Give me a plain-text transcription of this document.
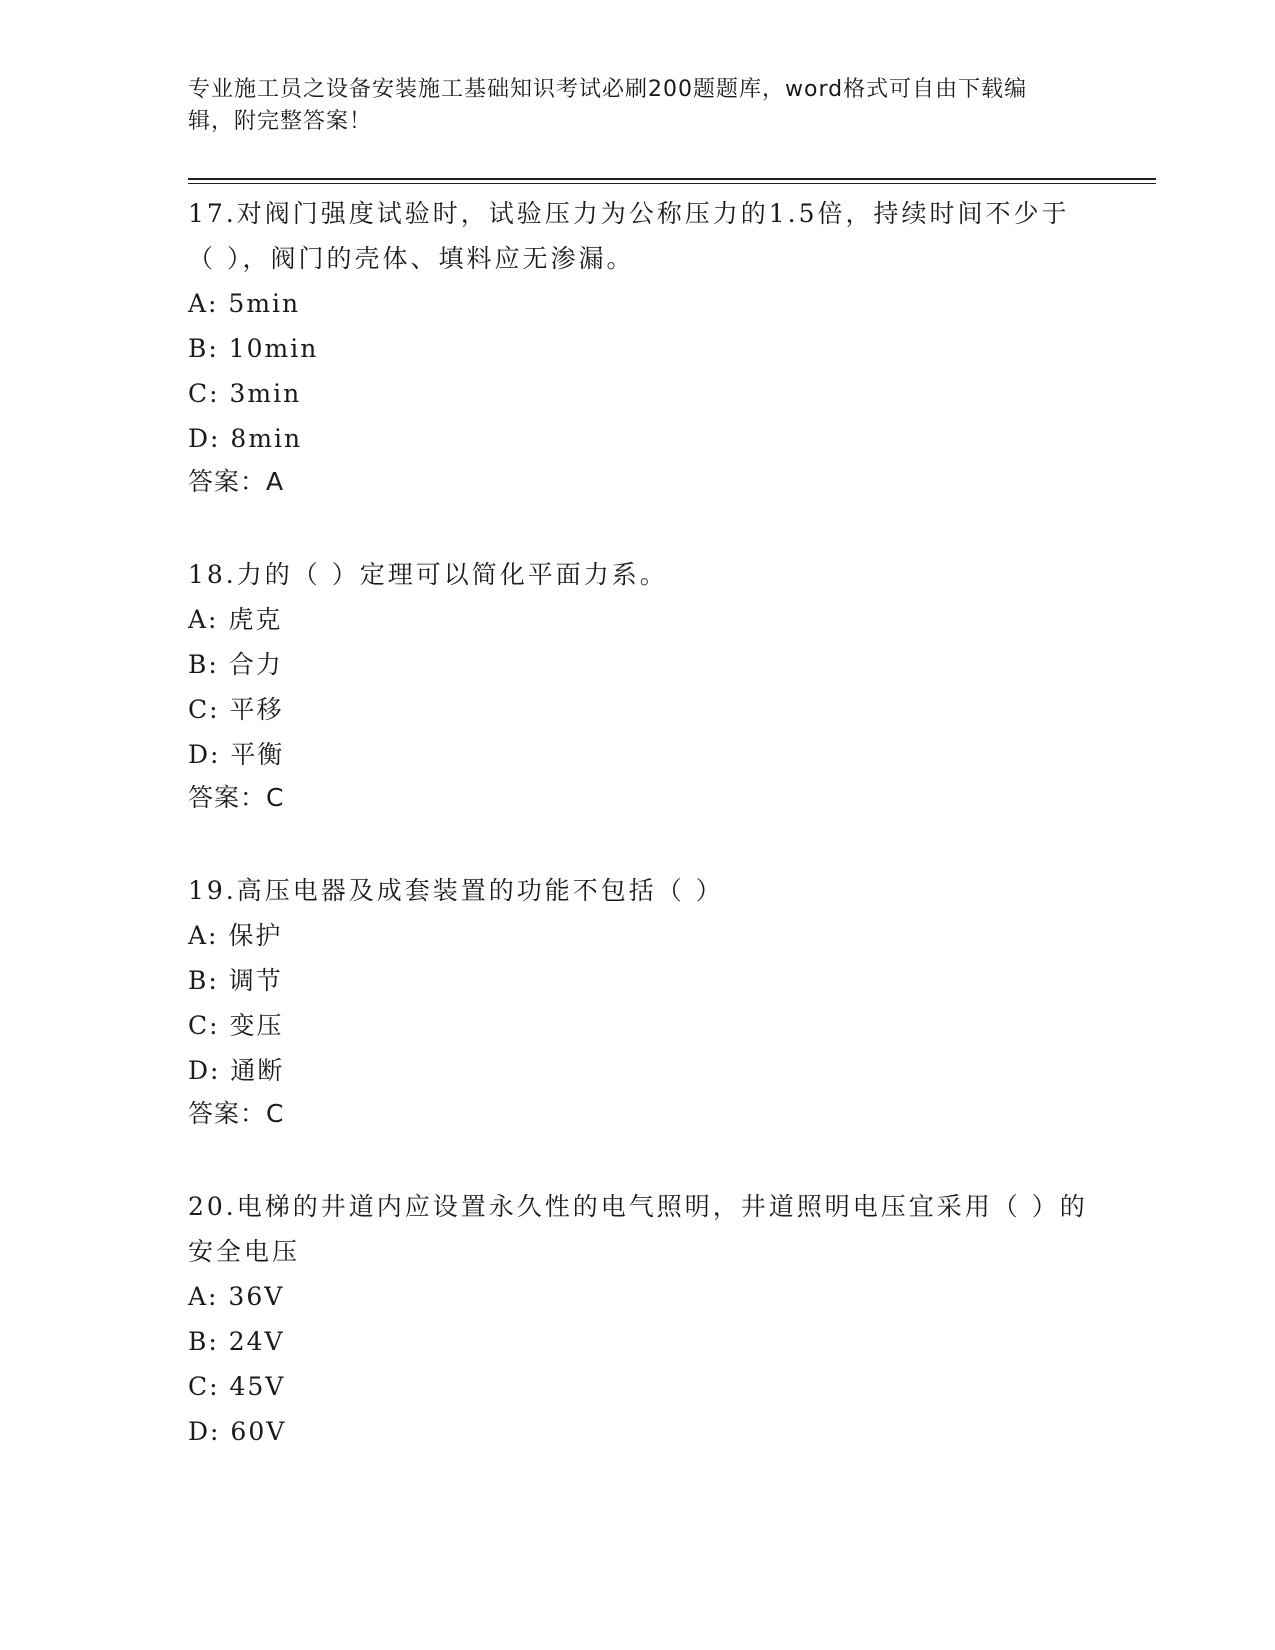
专业施工员之设备安装施工基础知识考试必刷200题题库，word格式可自由下载编辑，附完整答案！
17.对阀门强度试验时，试验压力为公称压力的1.5倍，持续时间不少于（ ），阀门的壳体、填料应无渗漏。
A: 5min
B: 10min
C: 3min
D: 8min
答案：A
18.力的（ ）定理可以简化平面力系。
A: 虎克
B: 合力
C: 平移
D: 平衡
答案：C
19.高压电器及成套装置的功能不包括（ ）
A: 保护
B: 调节
C: 变压
D: 通断
答案：C
20.电梯的井道内应设置永久性的电气照明，井道照明电压宜采用（ ）的安全电压
A: 36V
B: 24V
C: 45V
D: 60V
